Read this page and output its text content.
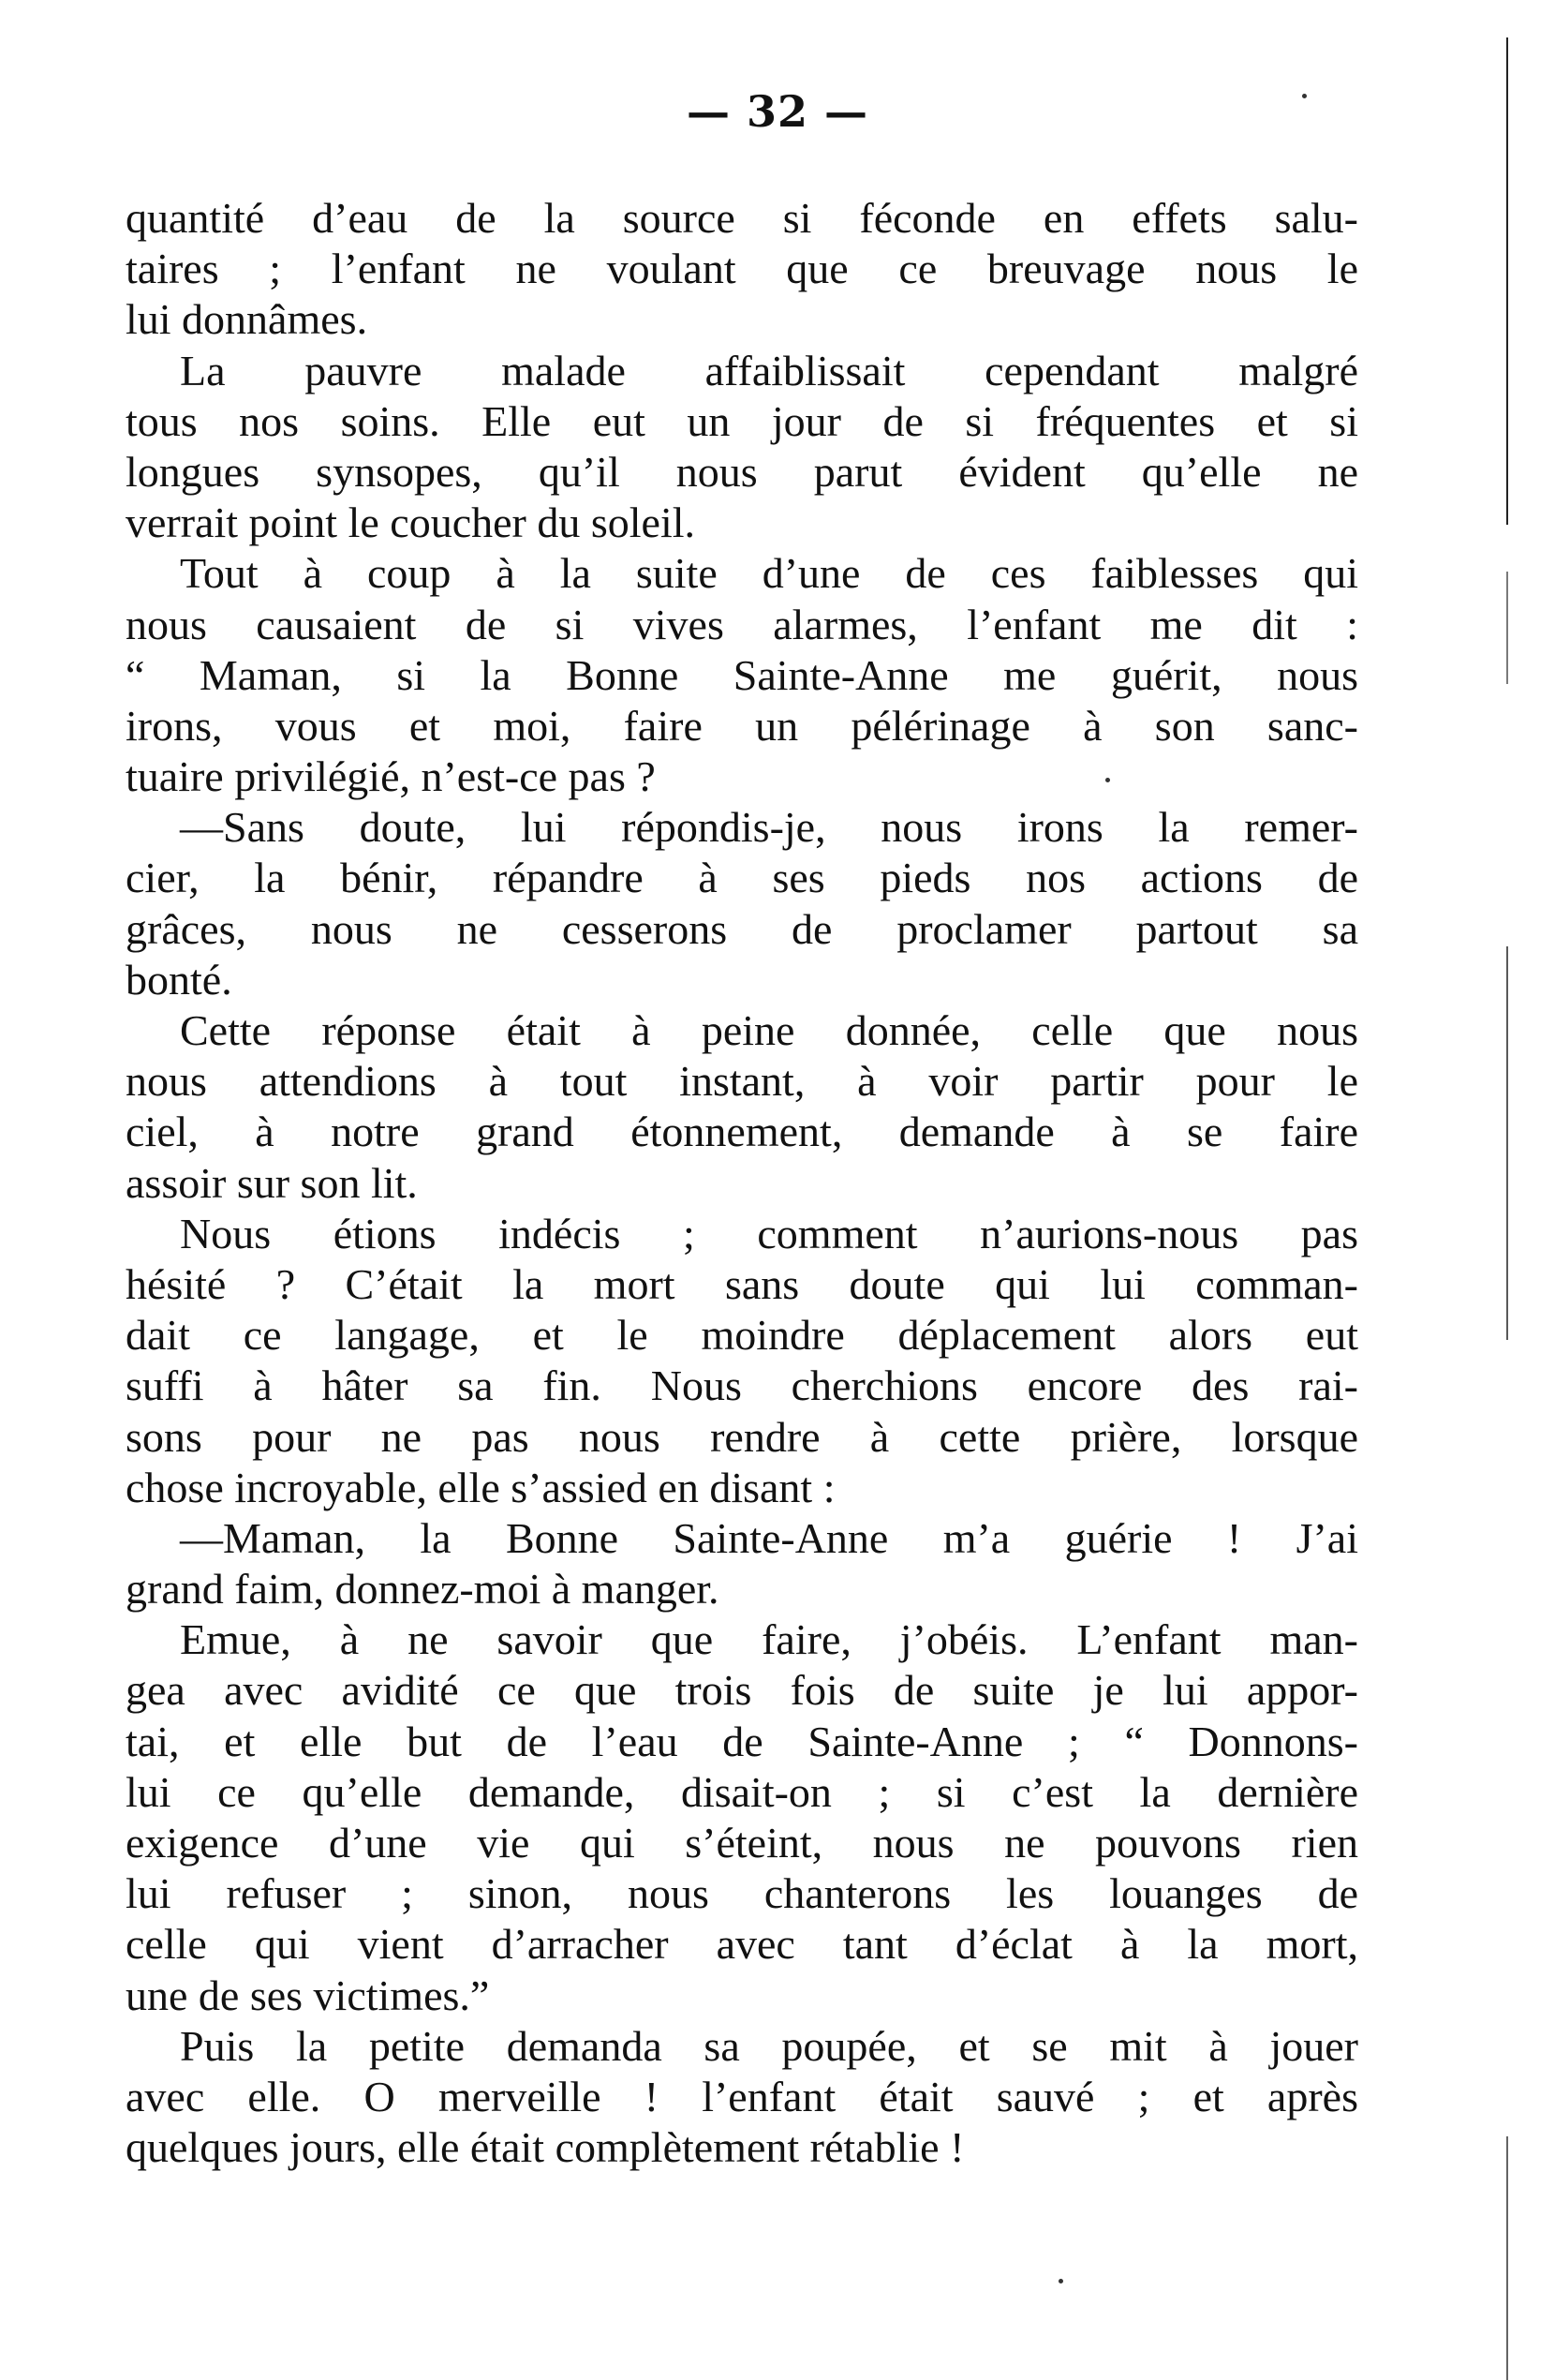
— 32 —
quantité d’eau de la source si féconde en effets salu-
taires ; l’enfant ne voulant que ce breuvage nous le
lui donnâmes.
La pauvre malade affaiblissait cependant malgré
tous nos soins. Elle eut un jour de si fréquentes et si
longues synsopes, qu’il nous parut évident qu’elle ne
verrait point le coucher du soleil.
Tout à coup à la suite d’une de ces faiblesses qui
nous causaient de si vives alarmes, l’enfant me dit :
“ Maman, si la Bonne Sainte-Anne me guérit, nous
irons, vous et moi, faire un pélérinage à son sanc-
tuaire privilégié, n’est-ce pas ?
—Sans doute, lui répondis-je, nous irons la remer-
cier, la bénir, répandre à ses pieds nos actions de
grâces, nous ne cesserons de proclamer partout sa
bonté.
Cette réponse était à peine donnée, celle que nous
nous attendions à tout instant, à voir partir pour le
ciel, à notre grand étonnement, demande à se faire
assoir sur son lit.
Nous étions indécis ; comment n’aurions-nous pas
hésité ? C’était la mort sans doute qui lui comman-
dait ce langage, et le moindre déplacement alors eut
suffi à hâter sa fin. Nous cherchions encore des rai-
sons pour ne pas nous rendre à cette prière, lorsque
chose incroyable, elle s’assied en disant :
—Maman, la Bonne Sainte-Anne m’a guérie ! J’ai
grand faim, donnez-moi à manger.
Emue, à ne savoir que faire, j’obéis. L’enfant man-
gea avec avidité ce que trois fois de suite je lui appor-
tai, et elle but de l’eau de Sainte-Anne ; “ Donnons-
lui ce qu’elle demande, disait-on ; si c’est la dernière
exigence d’une vie qui s’éteint, nous ne pouvons rien
lui refuser ; sinon, nous chanterons les louanges de
celle qui vient d’arracher avec tant d’éclat à la mort,
une de ses victimes.”
Puis la petite demanda sa poupée, et se mit à jouer
avec elle. O merveille ! l’enfant était sauvé ; et après
quelques jours, elle était complètement rétablie !
